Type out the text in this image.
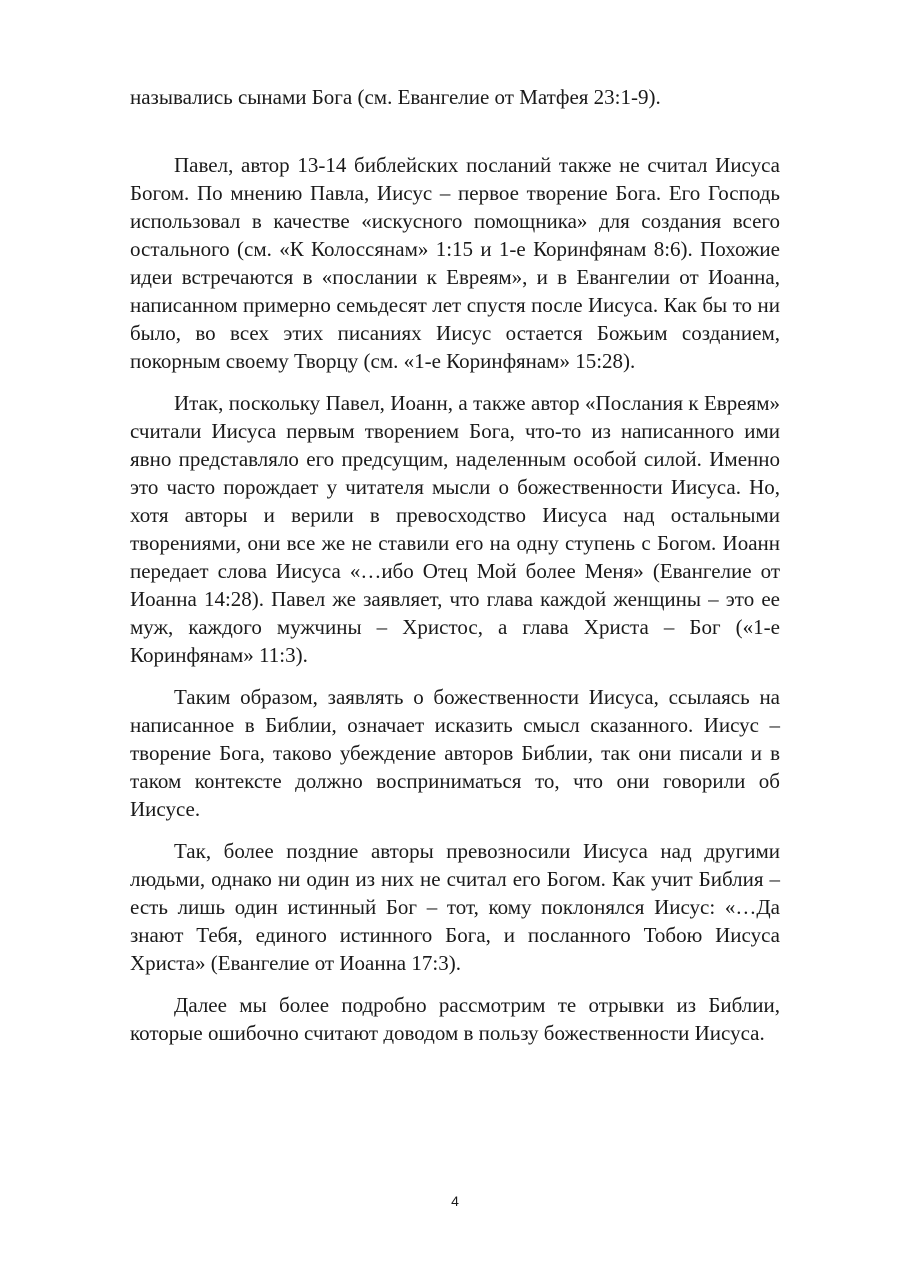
назывались сынами Бога (см. Евангелие от Матфея 23:1-9).

Павел, автор 13-14 библейских посланий также не считал Иисуса Богом. По мнению Павла, Иисус – первое творение Бога. Его Господь использовал в качестве «искусного помощника» для создания всего остального (см. «К Колоссянам» 1:15 и 1-е Коринфянам 8:6). Похожие идеи встречаются в «послании к Евреям», и в Евангелии от Иоанна, написанном примерно семьдесят лет спустя после Иисуса. Как бы то ни было, во всех этих писаниях Иисус остается Божьим созданием, покорным своему Творцу (см. «1-е Коринфянам» 15:28).

Итак, поскольку Павел, Иоанн, а также автор «Послания к Евреям» считали Иисуса первым творением Бога, что-то из написанного ими явно представляло его предсущим, наделенным особой силой. Именно это часто порождает у читателя мысли о божественности Иисуса. Но, хотя авторы и верили в превосходство Иисуса над остальными творениями, они все же не ставили его на одну ступень с Богом. Иоанн передает слова Иисуса «…ибо Отец Мой более Меня» (Евангелие от Иоанна 14:28). Павел же заявляет, что глава каждой женщины – это ее муж, каждого мужчины – Христос, а глава Христа – Бог («1-е Коринфянам» 11:3).

Таким образом, заявлять о божественности Иисуса, ссылаясь на написанное в Библии, означает исказить смысл сказанного. Иисус – творение Бога, таково убеждение авторов Библии, так они писали и в таком контексте должно восприниматься то, что они говорили об Иисусе.

Так, более поздние авторы превозносили Иисуса над другими людьми, однако ни один из них не считал его Богом. Как учит Библия – есть лишь один истинный Бог – тот, кому поклонялся Иисус: «…Да знают Тебя, единого истинного Бога, и посланного Тобою Иисуса Христа» (Евангелие от Иоанна 17:3).

Далее мы более подробно рассмотрим те отрывки из Библии, которые ошибочно считают доводом в пользу божественности Иисуса.

4
